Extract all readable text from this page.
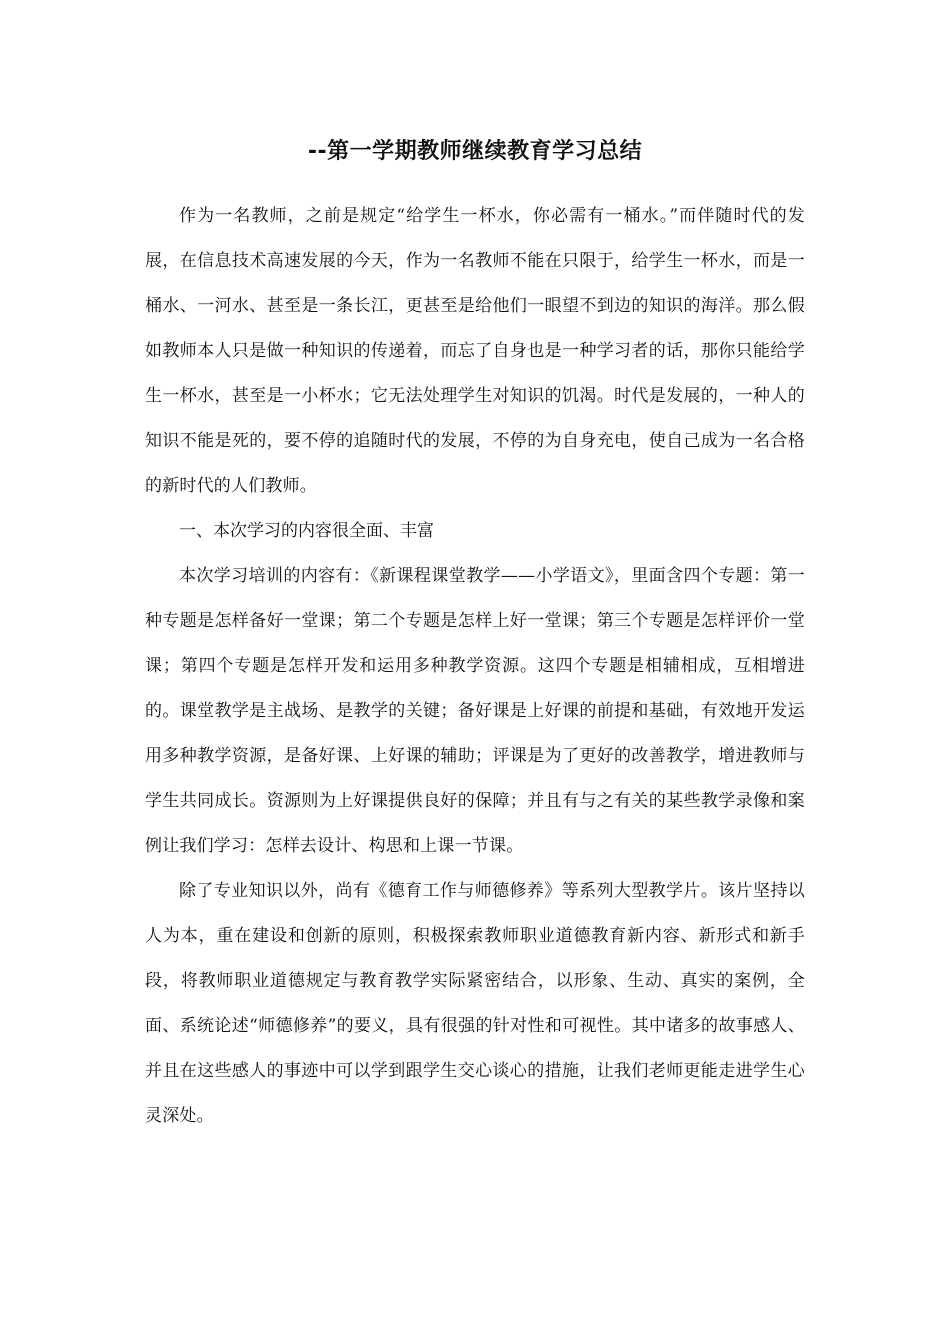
--第一学期教师继续教育学习总结

作为一名教师，之前是规定“给学生一杯水，你必需有一桶水。”而伴随时代的发展，在信息技术高速发展的今天，作为一名教师不能在只限于，给学生一杯水，而是一桶水、一河水、甚至是一条长江，更甚至是给他们一眼望不到边的知识的海洋。那么假如教师本人只是做一种知识的传递着，而忘了自身也是一种学习者的话，那你只能给学生一杯水，甚至是一小杯水；它无法处理学生对知识的饥渴。时代是发展的，一种人的知识不能是死的，要不停的追随时代的发展，不停的为自身充电，使自己成为一名合格的新时代的人们教师。

一、本次学习的内容很全面、丰富

本次学习培训的内容有：《新课程课堂教学——小学语文》，里面含四个专题：第一种专题是怎样备好一堂课；第二个专题是怎样上好一堂课；第三个专题是怎样评价一堂课；第四个专题是怎样开发和运用多种教学资源。这四个专题是相辅相成，互相增进的。课堂教学是主战场、是教学的关键；备好课是上好课的前提和基础，有效地开发运用多种教学资源，是备好课、上好课的辅助；评课是为了更好的改善教学，增进教师与学生共同成长。资源则为上好课提供良好的保障；并且有与之有关的某些教学录像和案例让我们学习：怎样去设计、构思和上课一节课。

除了专业知识以外，尚有《德育工作与师德修养》等系列大型教学片。该片坚持以人为本，重在建设和创新的原则，积极探索教师职业道德教育新内容、新形式和新手段，将教师职业道德规定与教育教学实际紧密结合，以形象、生动、真实的案例，全面、系统论述“师德修养”的要义，具有很强的针对性和可视性。其中诸多的故事感人、并且在这些感人的事迹中可以学到跟学生交心谈心的措施，让我们老师更能走进学生心灵深处。
